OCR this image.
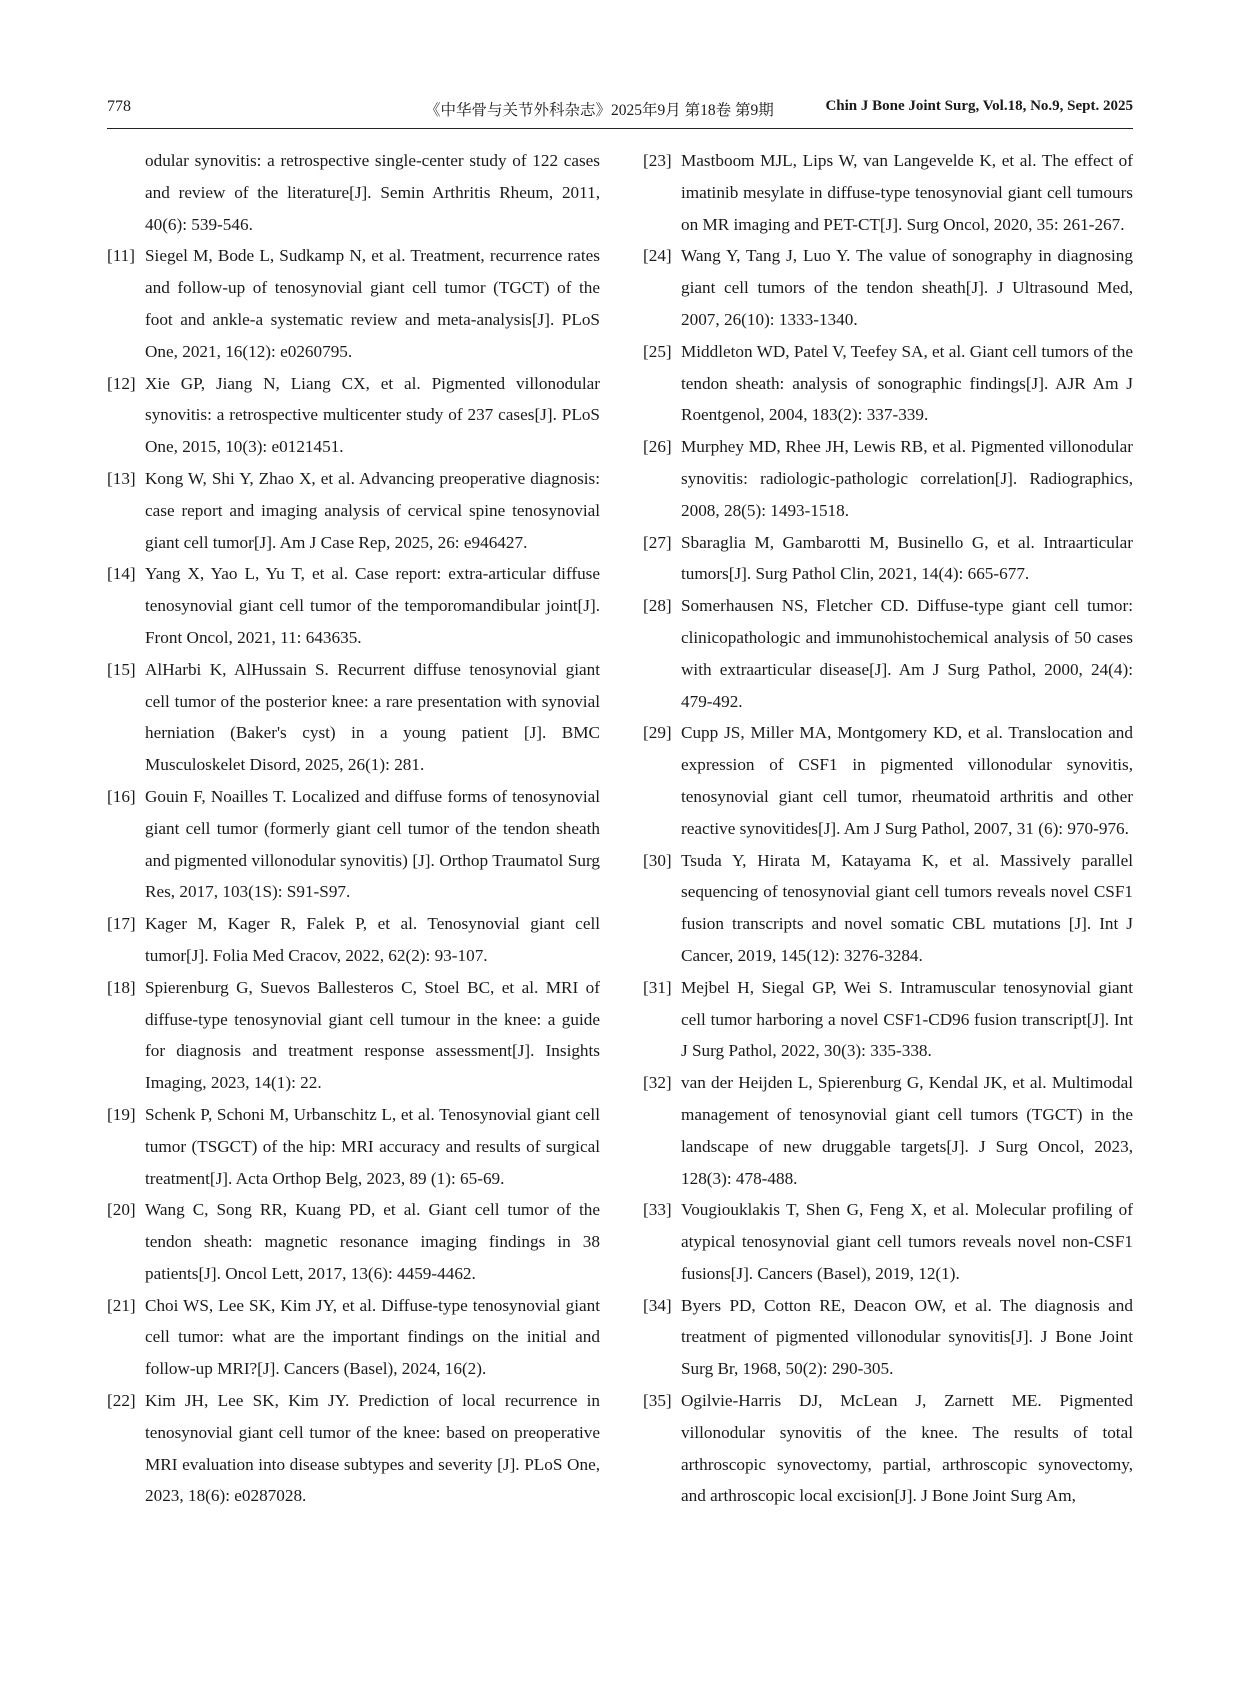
778	《中华骨与关节外科杂志》2025年9月 第18卷 第9期	Chin J Bone Joint Surg, Vol.18, No.9, Sept. 2025
odular synovitis: a retrospective single-center study of 122 cases and review of the literature[J]. Semin Arthritis Rheum, 2011, 40(6): 539-546.
[11] Siegel M, Bode L, Sudkamp N, et al. Treatment, recurrence rates and follow-up of tenosynovial giant cell tumor (TGCT) of the foot and ankle-a systematic review and meta-analysis[J]. PLoS One, 2021, 16(12): e0260795.
[12] Xie GP, Jiang N, Liang CX, et al. Pigmented villonodular synovitis: a retrospective multicenter study of 237 cases[J]. PLoS One, 2015, 10(3): e0121451.
[13] Kong W, Shi Y, Zhao X, et al. Advancing preoperative diagnosis: case report and imaging analysis of cervical spine tenosynovial giant cell tumor[J]. Am J Case Rep, 2025, 26: e946427.
[14] Yang X, Yao L, Yu T, et al. Case report: extra-articular diffuse tenosynovial giant cell tumor of the temporomandibular joint[J]. Front Oncol, 2021, 11: 643635.
[15] AlHarbi K, AlHussain S. Recurrent diffuse tenosynovial giant cell tumor of the posterior knee: a rare presentation with synovial herniation (Baker's cyst) in a young patient [J]. BMC Musculoskelet Disord, 2025, 26(1): 281.
[16] Gouin F, Noailles T. Localized and diffuse forms of tenosynovial giant cell tumor (formerly giant cell tumor of the tendon sheath and pigmented villonodular synovitis) [J]. Orthop Traumatol Surg Res, 2017, 103(1S): S91-S97.
[17] Kager M, Kager R, Falek P, et al. Tenosynovial giant cell tumor[J]. Folia Med Cracov, 2022, 62(2): 93-107.
[18] Spierenburg G, Suevos Ballesteros C, Stoel BC, et al. MRI of diffuse-type tenosynovial giant cell tumour in the knee: a guide for diagnosis and treatment response assessment[J]. Insights Imaging, 2023, 14(1): 22.
[19] Schenk P, Schoni M, Urbanschitz L, et al. Tenosynovial giant cell tumor (TSGCT) of the hip: MRI accuracy and results of surgical treatment[J]. Acta Orthop Belg, 2023, 89 (1): 65-69.
[20] Wang C, Song RR, Kuang PD, et al. Giant cell tumor of the tendon sheath: magnetic resonance imaging findings in 38 patients[J]. Oncol Lett, 2017, 13(6): 4459-4462.
[21] Choi WS, Lee SK, Kim JY, et al. Diffuse-type tenosynovial giant cell tumor: what are the important findings on the initial and follow-up MRI?[J]. Cancers (Basel), 2024, 16(2).
[22] Kim JH, Lee SK, Kim JY. Prediction of local recurrence in tenosynovial giant cell tumor of the knee: based on preoperative MRI evaluation into disease subtypes and severity [J]. PLoS One, 2023, 18(6): e0287028.
[23] Mastboom MJL, Lips W, van Langevelde K, et al. The effect of imatinib mesylate in diffuse-type tenosynovial giant cell tumours on MR imaging and PET-CT[J]. Surg Oncol, 2020, 35: 261-267.
[24] Wang Y, Tang J, Luo Y. The value of sonography in diagnosing giant cell tumors of the tendon sheath[J]. J Ultrasound Med, 2007, 26(10): 1333-1340.
[25] Middleton WD, Patel V, Teefey SA, et al. Giant cell tumors of the tendon sheath: analysis of sonographic findings[J]. AJR Am J Roentgenol, 2004, 183(2): 337-339.
[26] Murphey MD, Rhee JH, Lewis RB, et al. Pigmented villonodular synovitis: radiologic-pathologic correlation[J]. Radiographics, 2008, 28(5): 1493-1518.
[27] Sbaraglia M, Gambarotti M, Businello G, et al. Intraarticular tumors[J]. Surg Pathol Clin, 2021, 14(4): 665-677.
[28] Somerhausen NS, Fletcher CD. Diffuse-type giant cell tumor: clinicopathologic and immunohistochemical analysis of 50 cases with extraarticular disease[J]. Am J Surg Pathol, 2000, 24(4): 479-492.
[29] Cupp JS, Miller MA, Montgomery KD, et al. Translocation and expression of CSF1 in pigmented villonodular synovitis, tenosynovial giant cell tumor, rheumatoid arthritis and other reactive synovitides[J]. Am J Surg Pathol, 2007, 31 (6): 970-976.
[30] Tsuda Y, Hirata M, Katayama K, et al. Massively parallel sequencing of tenosynovial giant cell tumors reveals novel CSF1 fusion transcripts and novel somatic CBL mutations [J]. Int J Cancer, 2019, 145(12): 3276-3284.
[31] Mejbel H, Siegal GP, Wei S. Intramuscular tenosynovial giant cell tumor harboring a novel CSF1-CD96 fusion transcript[J]. Int J Surg Pathol, 2022, 30(3): 335-338.
[32] van der Heijden L, Spierenburg G, Kendal JK, et al. Multimodal management of tenosynovial giant cell tumors (TGCT) in the landscape of new druggable targets[J]. J Surg Oncol, 2023, 128(3): 478-488.
[33] Vougiouklakis T, Shen G, Feng X, et al. Molecular profiling of atypical tenosynovial giant cell tumors reveals novel non-CSF1 fusions[J]. Cancers (Basel), 2019, 12(1).
[34] Byers PD, Cotton RE, Deacon OW, et al. The diagnosis and treatment of pigmented villonodular synovitis[J]. J Bone Joint Surg Br, 1968, 50(2): 290-305.
[35] Ogilvie-Harris DJ, McLean J, Zarnett ME. Pigmented villonodular synovitis of the knee. The results of total arthroscopic synovectomy, partial, arthroscopic synovectomy, and arthroscopic local excision[J]. J Bone Joint Surg Am,
